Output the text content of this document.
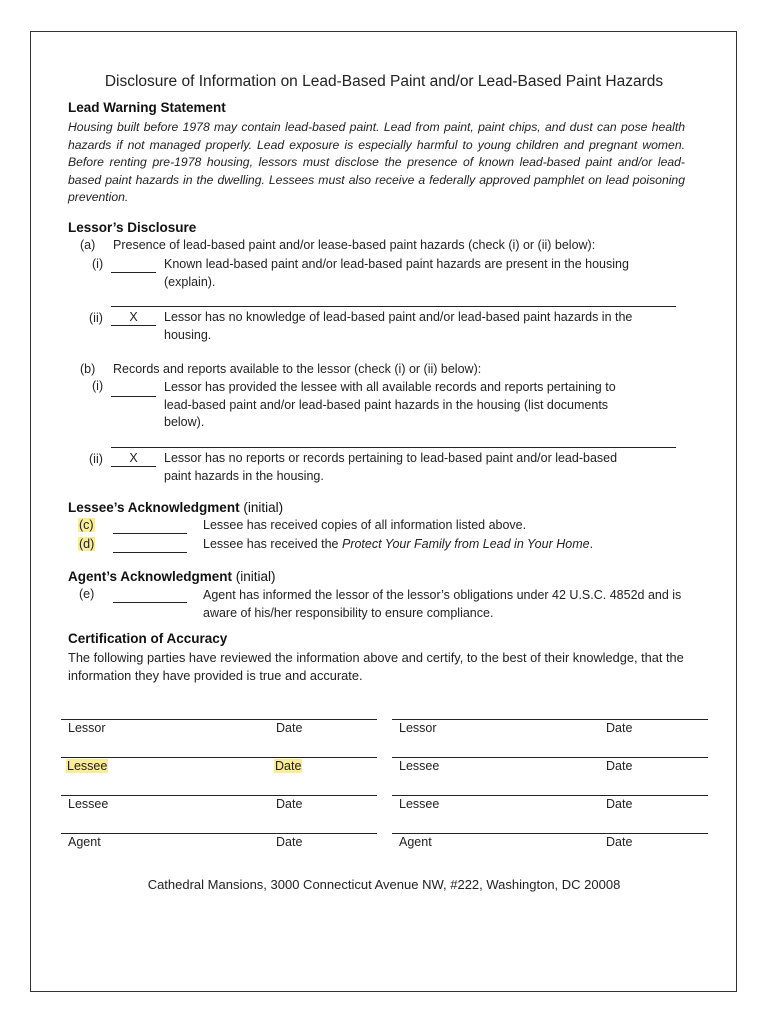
Disclosure of Information on Lead-Based Paint and/or Lead-Based Paint Hazards
Lead Warning Statement
Housing built before 1978 may contain lead-based paint. Lead from paint, paint chips, and dust can pose health hazards if not managed properly. Lead exposure is especially harmful to young children and pregnant women. Before renting pre-1978 housing, lessors must disclose the presence of known lead-based paint and/or lead-based paint hazards in the dwelling. Lessees must also receive a federally approved pamphlet on lead poisoning prevention.
Lessor’s Disclosure
(a) Presence of lead-based paint and/or lease-based paint hazards (check (i) or (ii) below):
(i)	Known lead-based paint and/or lead-based paint hazards are present in the housing (explain).
(ii)	X	Lessor has no knowledge of lead-based paint and/or lead-based paint hazards in the housing.
(b) Records and reports available to the lessor (check (i) or (ii) below):
(i)	Lessor has provided the lessee with all available records and reports pertaining to lead-based paint and/or lead-based paint hazards in the housing (list documents below).
(ii)	X	Lessor has no reports or records pertaining to lead-based paint and/or lead-based paint hazards in the housing.
Lessee’s Acknowledgment (initial)
(c)	Lessee has received copies of all information listed above.
(d)	Lessee has received the Protect Your Family from Lead in Your Home.
Agent’s Acknowledgment (initial)
(e)	Agent has informed the lessor of the lessor’s obligations under 42 U.S.C. 4852d and is aware of his/her responsibility to ensure compliance.
Certification of Accuracy
The following parties have reviewed the information above and certify, to the best of their knowledge, that the information they have provided is true and accurate.
Lessor	Date
Lessee	Date
Lessee	Date
Agent	Date
Lessor	Date
Lessee	Date
Lessee	Date
Agent	Date
Cathedral Mansions, 3000 Connecticut Avenue NW, #222, Washington, DC 20008
